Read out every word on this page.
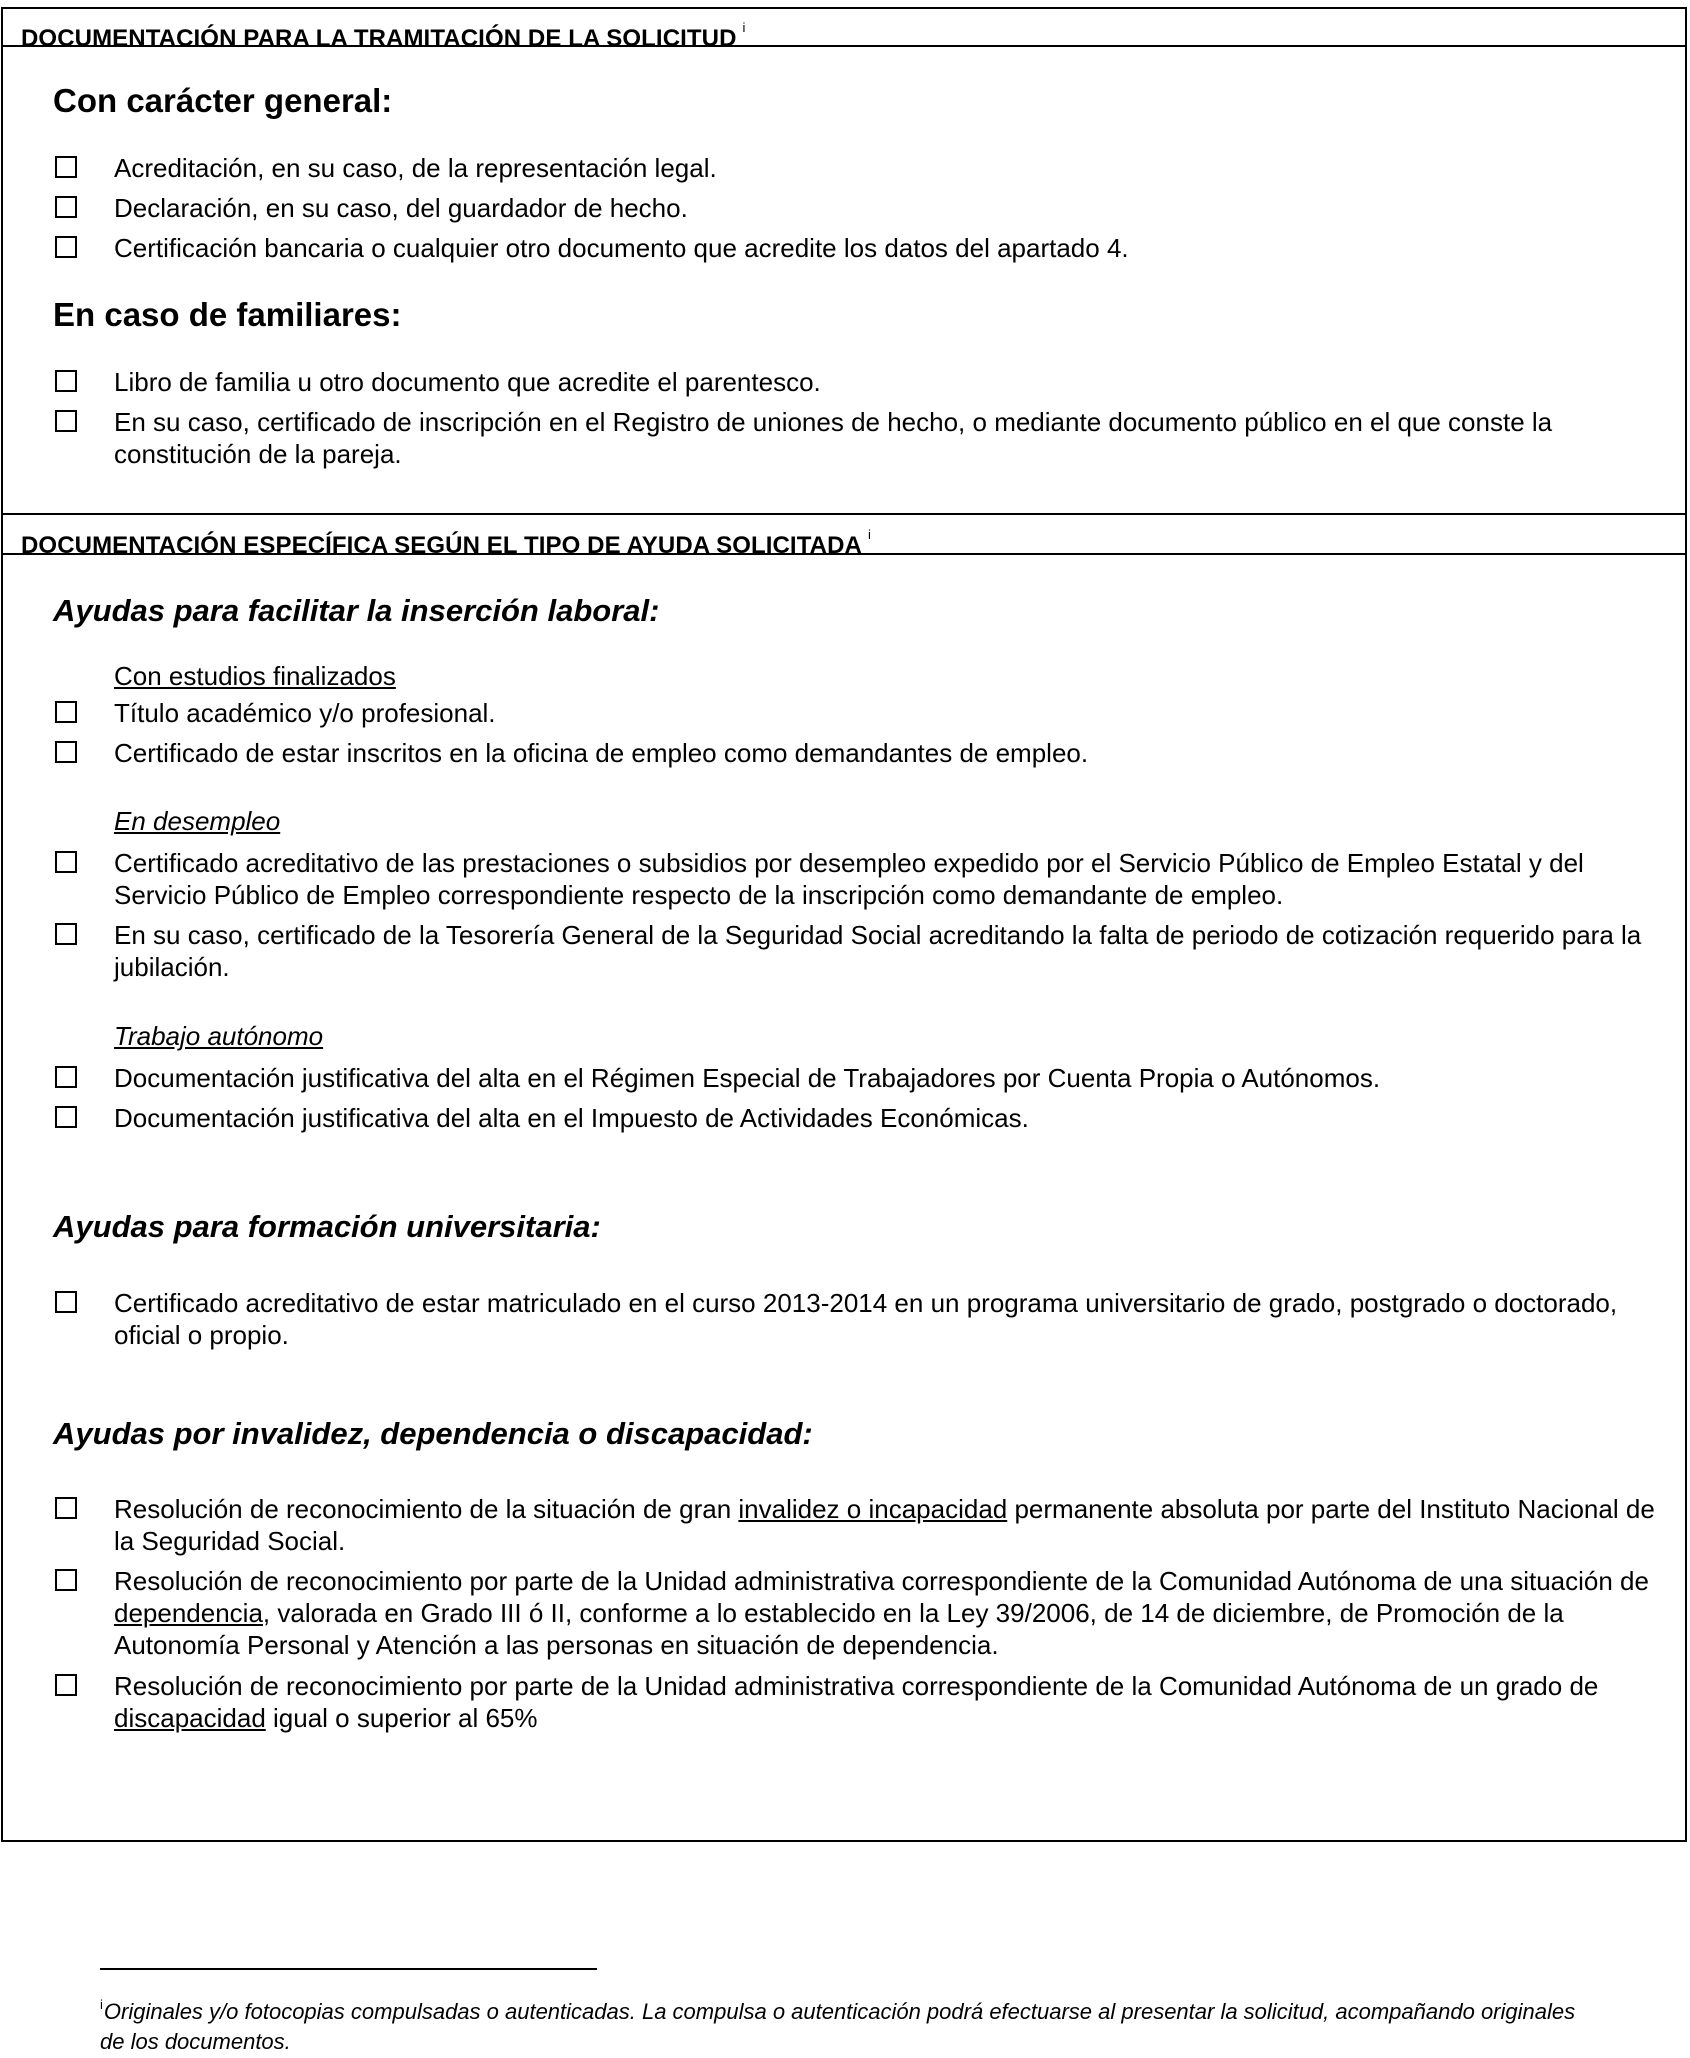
DOCUMENTACIÓN PARA LA TRAMITACIÓN DE LA SOLICITUD $^i$
Con carácter general:
Acreditación, en su caso, de la representación legal.
Declaración, en su caso, del guardador de hecho.
Certificación bancaria o cualquier otro documento que acredite los datos del apartado 4.
En caso de familiares:
Libro de familia u otro documento que acredite el parentesco.
En su caso, certificado de inscripción en el Registro de uniones de hecho, o mediante documento público en el que conste la constitución de la pareja.
DOCUMENTACIÓN ESPECÍFICA SEGÚN EL TIPO DE AYUDA SOLICITADA $^i$
Ayudas para facilitar la inserción laboral:
Con estudios finalizados
Título académico y/o profesional.
Certificado de estar inscritos en la oficina de empleo como demandantes de empleo.
En desempleo
Certificado acreditativo de las prestaciones o subsidios por desempleo expedido por el Servicio Público de Empleo Estatal y del Servicio Público de Empleo correspondiente respecto de la inscripción como demandante de empleo.
En su caso, certificado de la Tesorería General de la Seguridad Social acreditando la falta de periodo de cotización requerido para la jubilación.
Trabajo autónomo
Documentación justificativa del alta en el Régimen Especial de Trabajadores por Cuenta Propia o Autónomos.
Documentación justificativa del alta en el Impuesto de Actividades Económicas.
Ayudas para formación universitaria:
Certificado acreditativo de estar matriculado en el curso 2013-2014 en un programa universitario de grado, postgrado o doctorado, oficial o propio.
Ayudas por invalidez, dependencia o discapacidad:
Resolución de reconocimiento de la situación de gran invalidez o incapacidad permanente absoluta por parte del Instituto Nacional de la Seguridad Social.
Resolución de reconocimiento por parte de la Unidad administrativa correspondiente de la Comunidad Autónoma de una situación de dependencia, valorada en Grado III ó II, conforme a lo establecido en la Ley 39/2006, de 14 de diciembre, de Promoción de la Autonomía Personal y Atención a las personas en situación de dependencia.
Resolución de reconocimiento por parte de la Unidad administrativa correspondiente de la Comunidad Autónoma de un grado de discapacidad igual o superior al 65%
$^i$Originales y/o fotocopias compulsadas o autenticadas. La compulsa o autenticación podrá efectuarse al presentar la solicitud, acompañando originales de los documentos.
